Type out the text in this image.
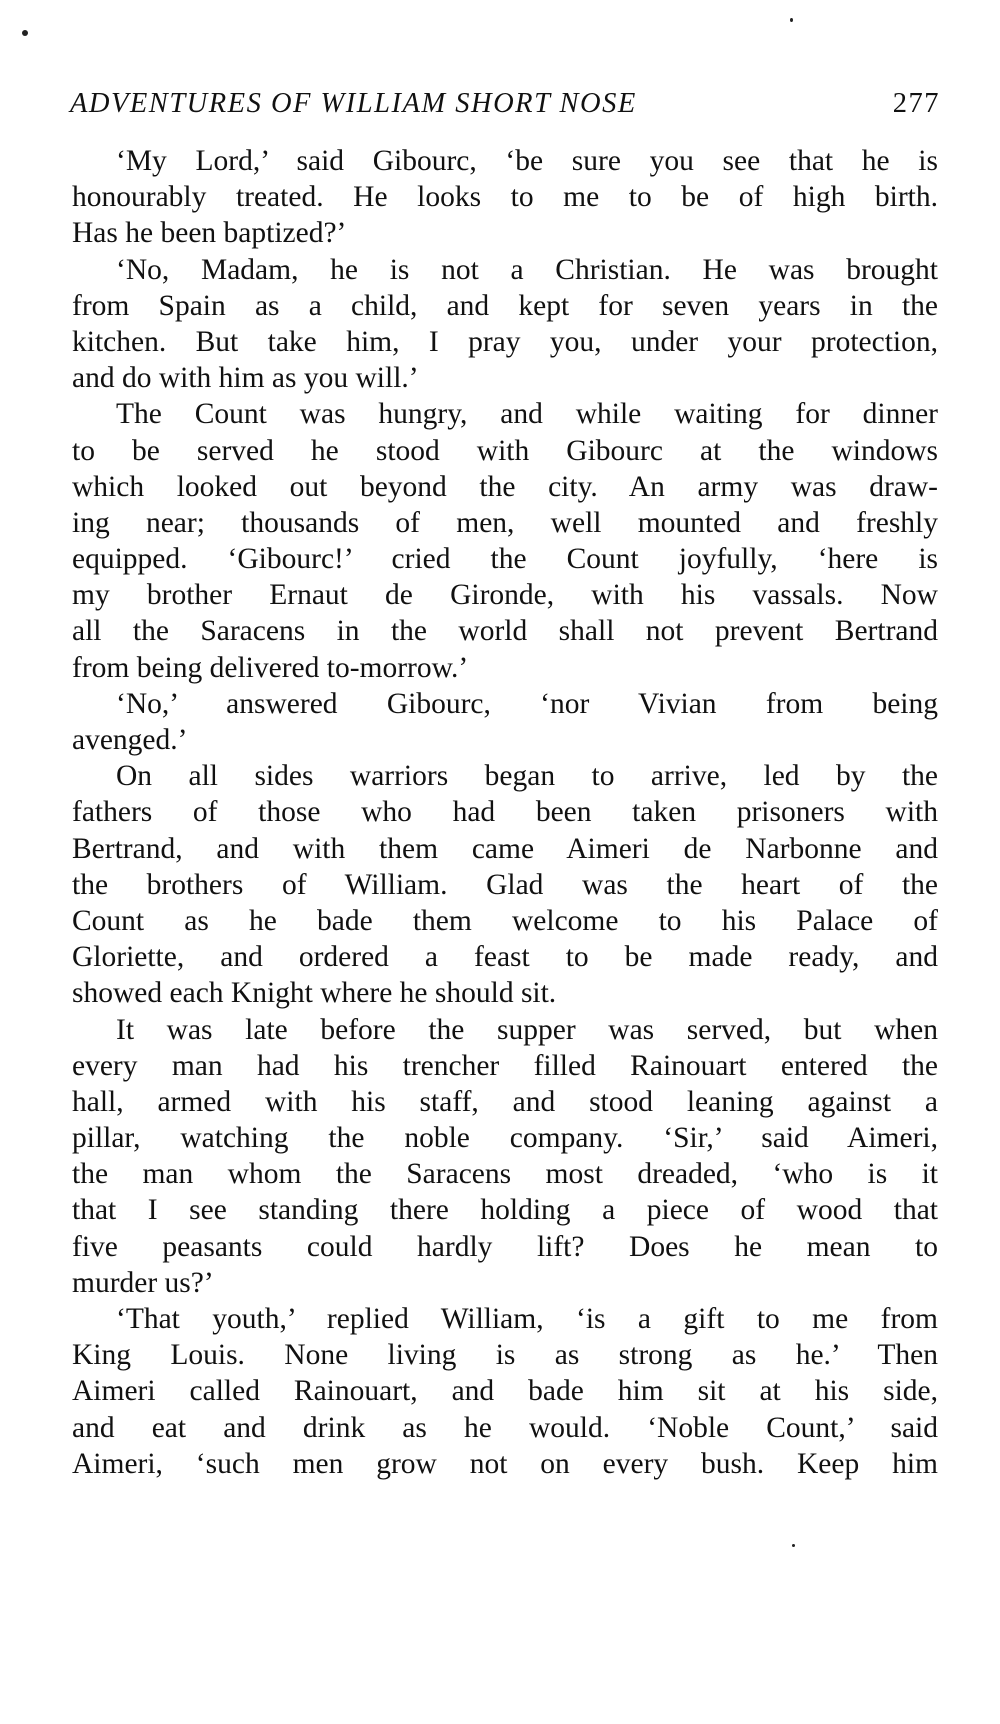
ADVENTURES OF WILLIAM SHORT NOSE	277
‘My Lord,’ said Gibourc, ‘be sure you see that he is
honourably treated. He looks to me to be of high birth.
Has he been baptized?’
‘No, Madam, he is not a Christian. He was brought
from Spain as a child, and kept for seven years in the
kitchen. But take him, I pray you, under your protection,
and do with him as you will.’
The Count was hungry, and while waiting for dinner
to be served he stood with Gibourc at the windows
which looked out beyond the city. An army was draw-
ing near; thousands of men, well mounted and freshly
equipped. ‘Gibourc!’ cried the Count joyfully, ‘here is
my brother Ernaut de Gironde, with his vassals. Now
all the Saracens in the world shall not prevent Bertrand
from being delivered to-morrow.’
‘No,’ answered Gibourc, ‘nor Vivian from being
avenged.’
On all sides warriors began to arrive, led by the
fathers of those who had been taken prisoners with
Bertrand, and with them came Aimeri de Narbonne and
the brothers of William. Glad was the heart of the
Count as he bade them welcome to his Palace of
Gloriette, and ordered a feast to be made ready, and
showed each Knight where he should sit.
It was late before the supper was served, but when
every man had his trencher filled Rainouart entered the
hall, armed with his staff, and stood leaning against a
pillar, watching the noble company. ‘Sir,’ said Aimeri,
the man whom the Saracens most dreaded, ‘who is it
that I see standing there holding a piece of wood that
five peasants could hardly lift? Does he mean to
murder us?’
‘That youth,’ replied William, ‘is a gift to me from
King Louis. None living is as strong as he.’ Then
Aimeri called Rainouart, and bade him sit at his side,
and eat and drink as he would. ‘Noble Count,’ said
Aimeri, ‘such men grow not on every bush. Keep him
